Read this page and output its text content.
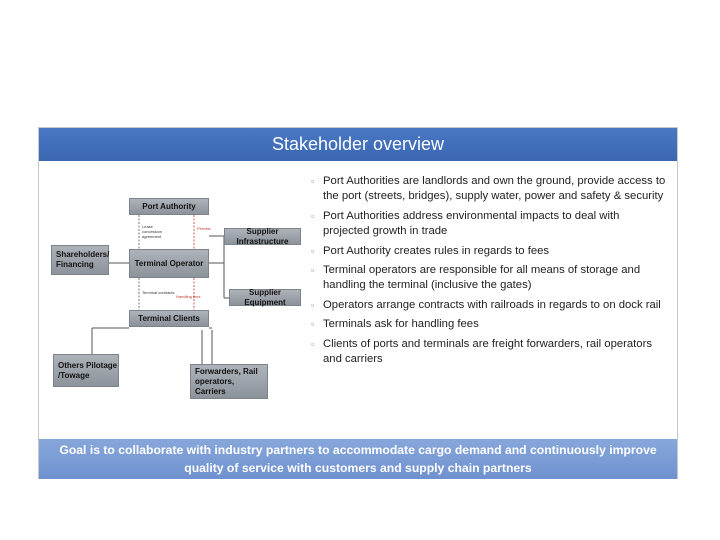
Stakeholder overview
Port Authority
Terminal Operator
Terminal Clients
Shareholders/ Financing
Supplier Infrastructure
Supplier Equipment
Others Pilotage /Towage	Forwarders, Rail operators, Carriers
Lease concession agreement
Permits
Terminal contracts
Handling fees
▫ Port Authorities are landlords and own the ground, provide access to the port (streets, bridges), supply water, power and safety & security
▫ Port Authorities address environmental impacts to deal with projected growth in trade
▫ Port Authority creates rules in regards to fees
▫ Terminal operators are responsible for all means of storage and handling the terminal (inclusive the gates)
▫ Operators arrange contracts with railroads in regards to on dock rail
▫ Terminals ask for handling fees
▫ Clients of ports and terminals are freight forwarders, rail operators and carriers
Goal is to collaborate with industry partners to accommodate cargo demand and continuously improve quality of service with customers and supply chain partners
